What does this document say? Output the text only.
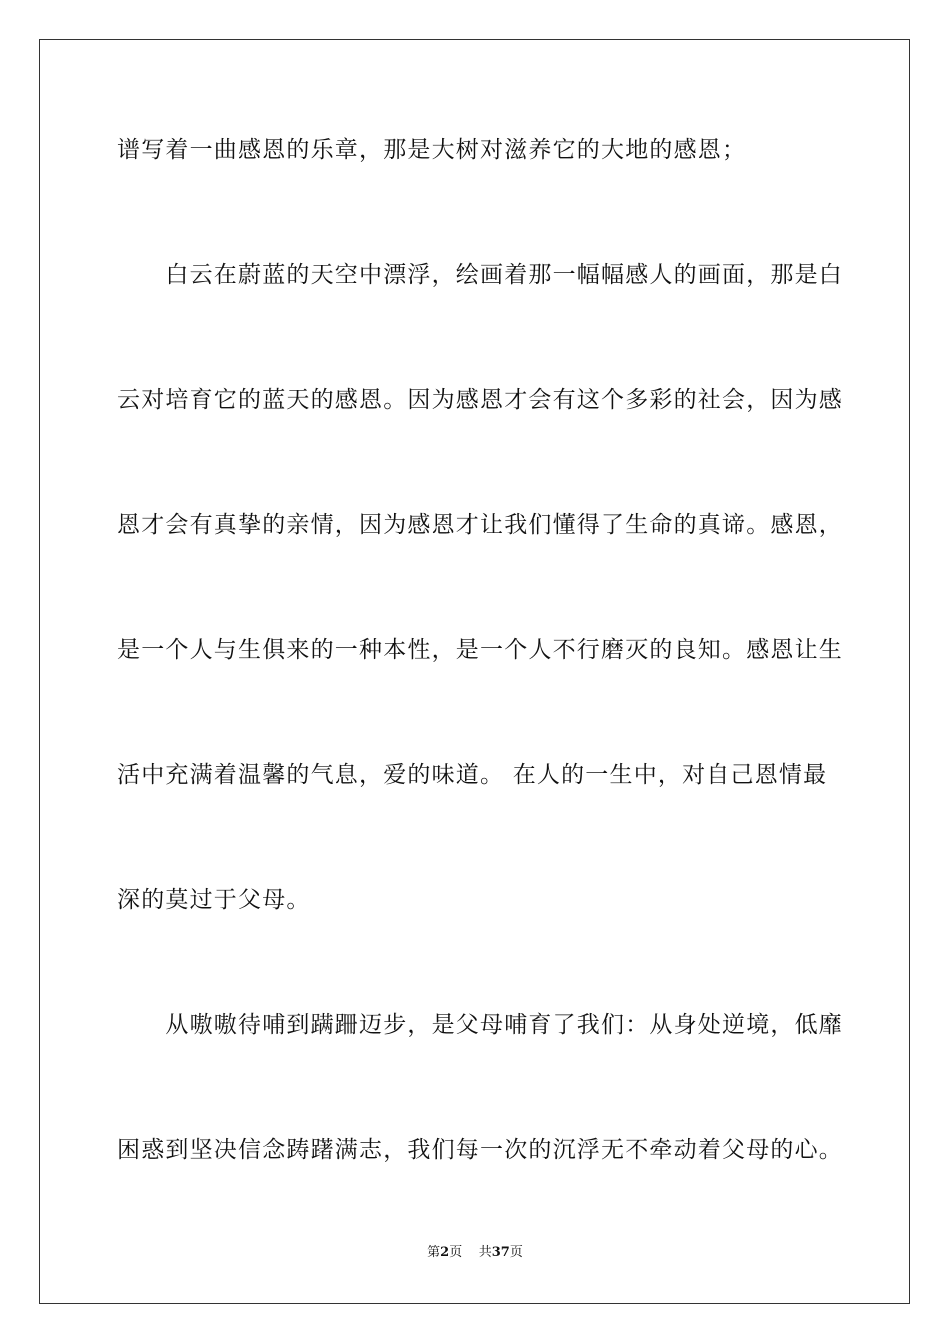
谱写着一曲感恩的乐章，那是大树对滋养它的大地的感恩；
　　白云在蔚蓝的天空中漂浮，绘画着那一幅幅感人的画面，那是白
云对培育它的蓝天的感恩。因为感恩才会有这个多彩的社会，因为感
恩才会有真挚的亲情，因为感恩才让我们懂得了生命的真谛。感恩，
是一个人与生俱来的一种本性，是一个人不行磨灭的良知。感恩让生
活中充满着温馨的气息，爱的味道。 在人的一生中，对自己恩情最
深的莫过于父母。
　　从嗷嗷待哺到蹒跚迈步，是父母哺育了我们：从身处逆境，低靡
困惑到坚决信念踌躇满志，我们每一次的沉浮无不牵动着父母的心。
第2页 共37页
